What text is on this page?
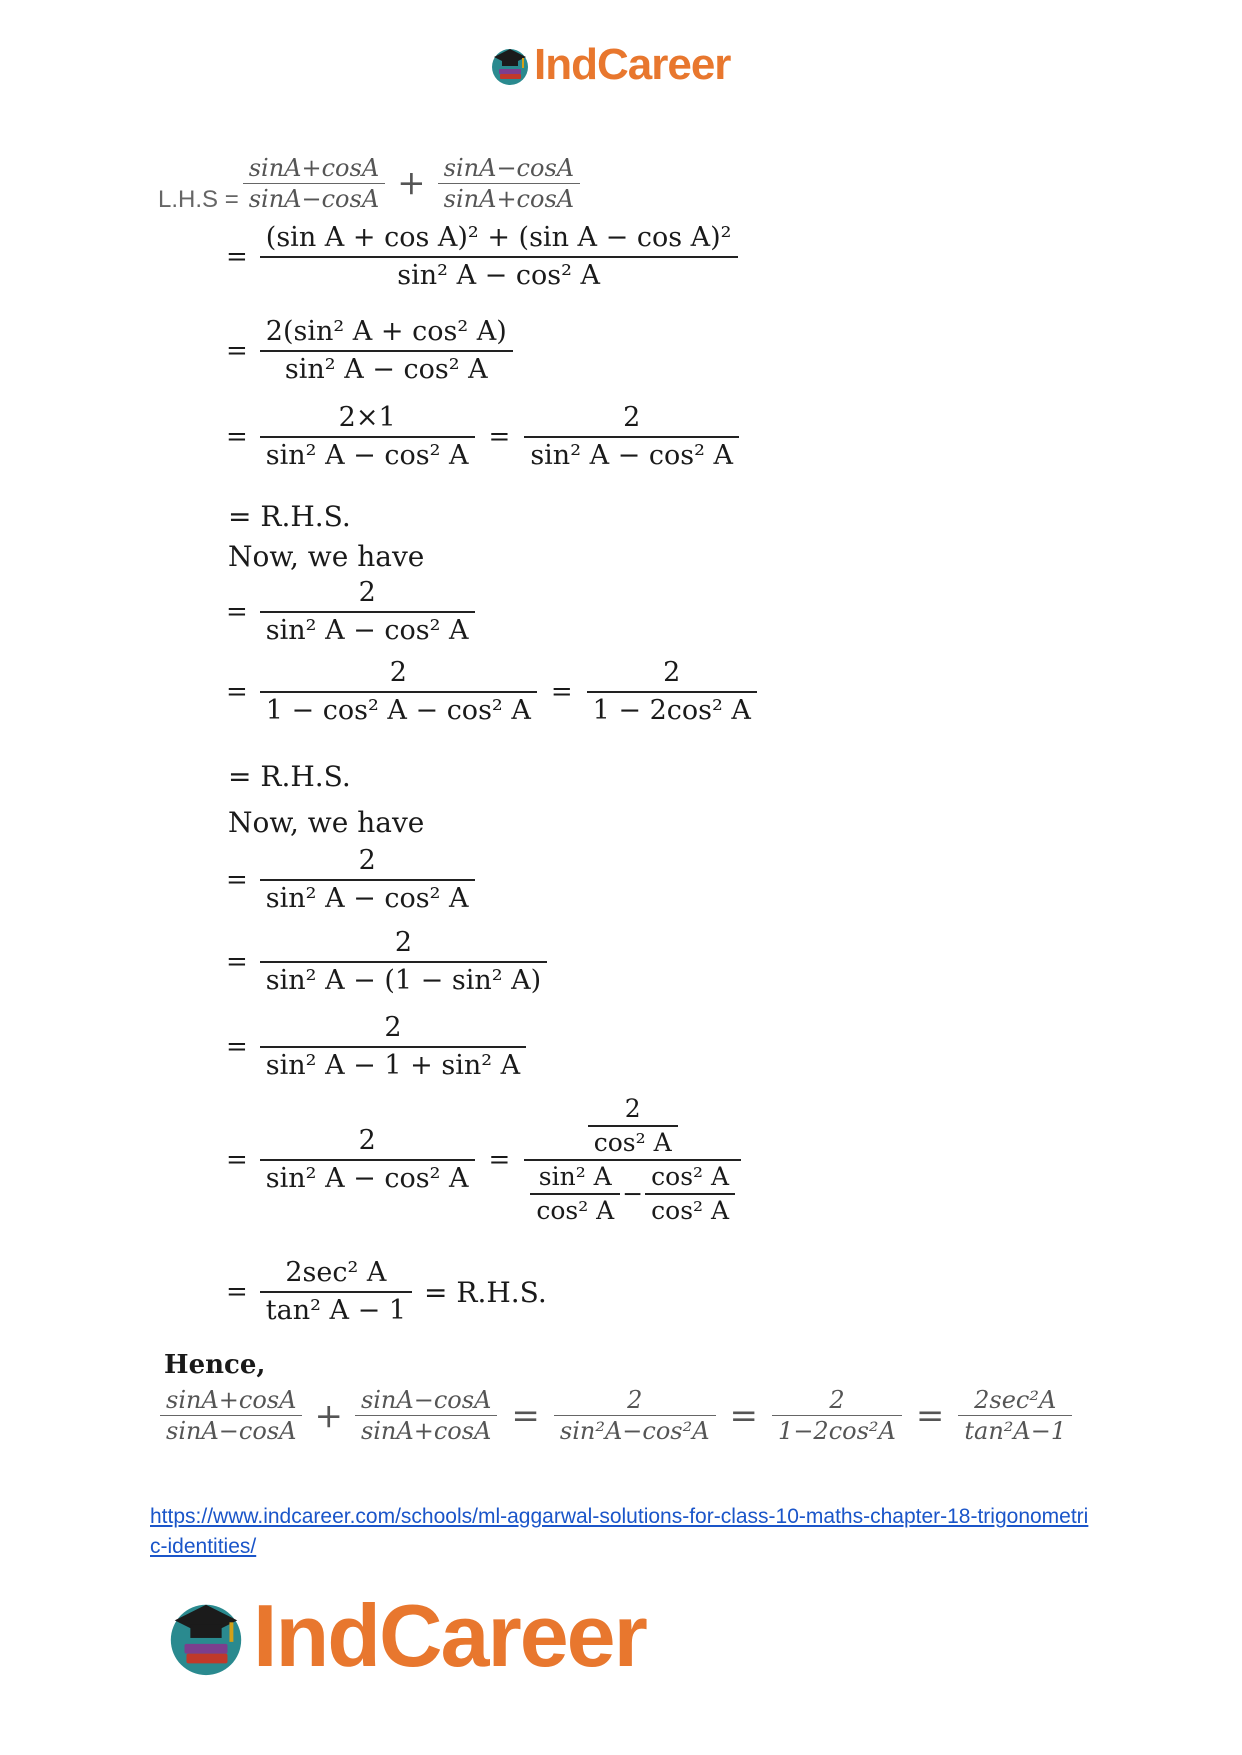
IndCareer
$L.H.S = \frac{\sin A+\cos A}{\sin A-\cos A} + \frac{\sin A-\cos A}{\sin A+\cos A}$
= $\frac{\text{(sin A + cos A)² + (sin A − cos A)²}}{\text{sin² A − cos² A}}$
= $\frac{\text{2(sin² A + cos² A)}}{\text{sin² A − cos² A}}$
= $\frac{2\times 1}{\text{sin² A − cos² A}} = \frac{2}{\text{sin² A − cos² A}}$
= R.H.S.
Now, we have
= $\frac{2}{\text{sin² A − cos² A}}$
= $\frac{2}{\text{1 − cos² A − cos² A}} = \frac{2}{\text{1 − 2cos² A}}$
= R.H.S.
Now, we have
= $\frac{2}{\text{sin² A − cos² A}}$
= $\frac{2}{\text{sin² A − (1 − sin² A)}}$
= $\frac{2}{\text{sin² A − 1 + sin² A}}$
= $\frac{2}{\text{sin² A − cos² A}}$ =
$\frac{2}{\text{cos² A}}$
$\frac{\text{sin² A}}{\text{cos² A}} - \frac{\text{cos² A}}{\text{cos² A}}$
= $\frac{\text{2sec² A}}{\text{tan² A − 1}} = R.H.S$.
Hence,
$\frac{\sin A+\cos A}{\sin A-\cos A} + \frac{\sin A-\cos A}{\sin A+\cos A} = \frac{2}{\text{sin²A−cos²A}} = \frac{2}{\text{1−2cos²A}} = \frac{\text{2sec²A}}{\text{tan²A−1}}$
https://www.indcareer.com/schools/ml-aggarwal-solutions-for-class-10-maths-chapter-18-trigonometric-identities/
IndCareer
